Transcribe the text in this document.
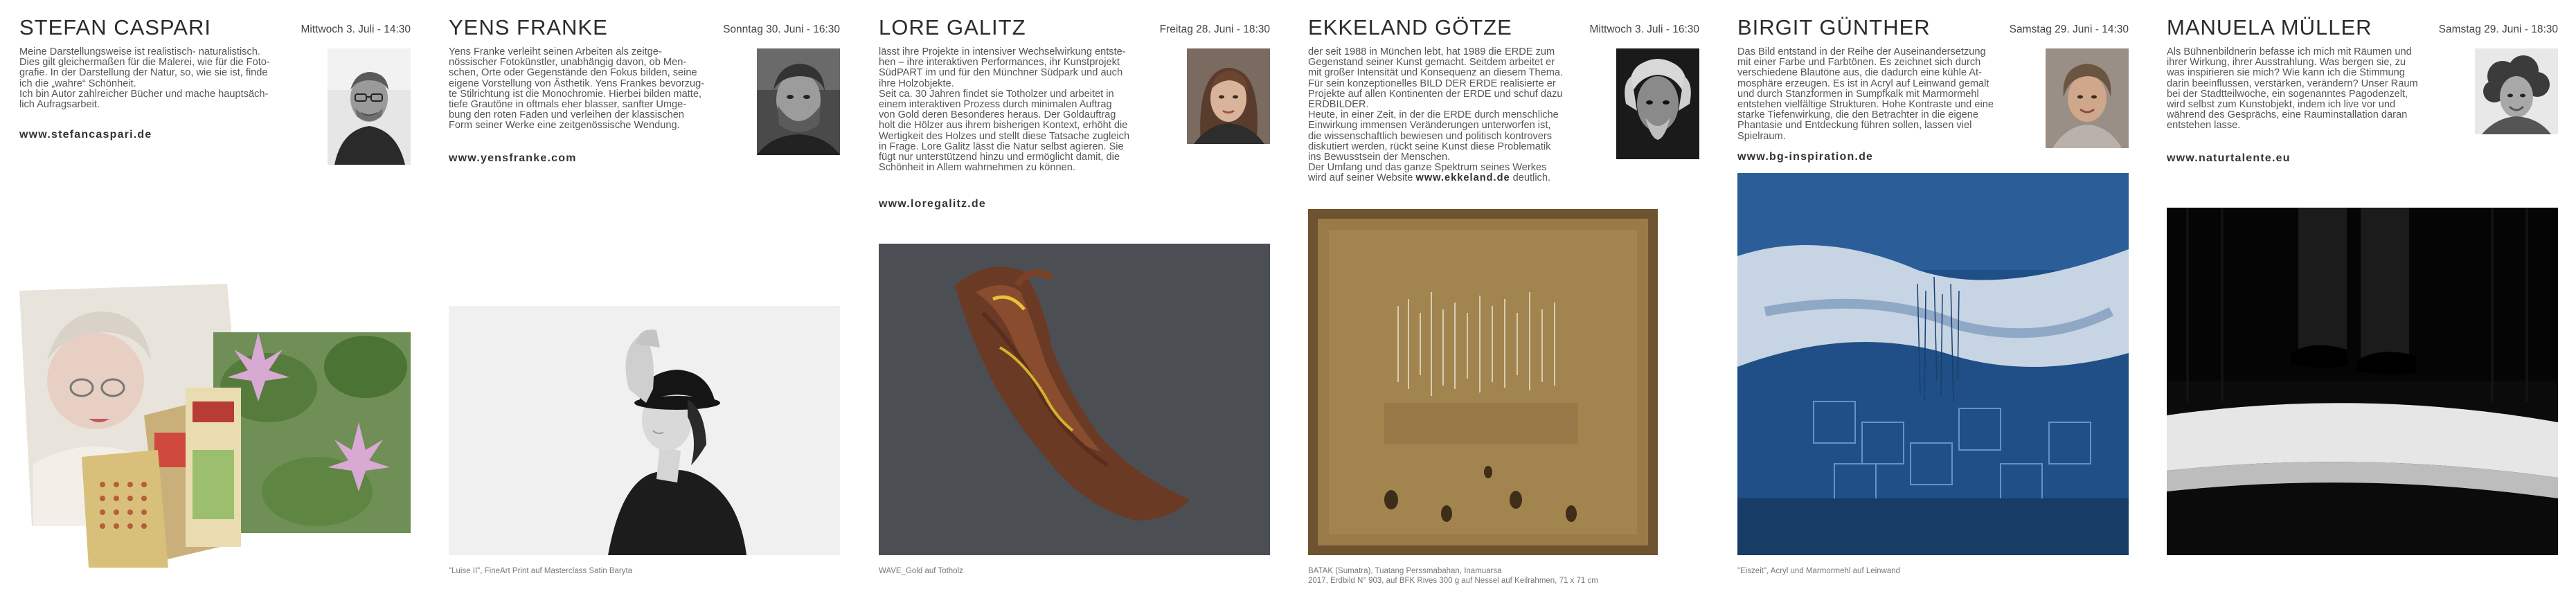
STEFAN CASPARI	Mittwoch 3. Juli - 14:30
Meine Darstellungsweise ist realistisch- naturalistisch.
Dies gilt gleichermaßen für die Malerei, wie für die Foto-
grafie. In der Darstellung der Natur, so, wie sie ist, finde
ich die „wahre“ Schönheit.
Ich bin Autor zahlreicher Bücher und mache hauptsäch-
lich Aufragsarbeit.
www.stefancaspari.de
YENS FRANKE	Sonntag 30. Juni - 16:30
Yens Franke verleiht seinen Arbeiten als zeitge-
nössischer Fotokünstler, unabhängig davon, ob Men-
schen, Orte oder Gegenstände den Fokus bilden, seine
eigene Vorstellung von Ästhetik. Yens Frankes bevorzug-
te Stilrichtung ist die Monochromie. Hierbei bilden matte,
tiefe Grautöne in oftmals eher blasser, sanfter Umge-
bung den roten Faden und verleihen der klassischen
Form seiner Werke eine zeitgenössische Wendung.
www.yensfranke.com
"Luise II", FineArt Print auf Masterclass Satin Baryta
LORE GALITZ	Freitag 28. Juni - 18:30
lässt ihre Projekte in intensiver Wechselwirkung entste-
hen – ihre interaktiven Performances, ihr Kunstprojekt
SüdPART im und für den Münchner Südpark und auch
ihre Holzobjekte.
Seit ca. 30 Jahren findet sie Totholzer und arbeitet in
einem interaktiven Prozess durch minimalen Auftrag
von Gold deren Besonderes heraus. Der Goldauftrag
holt die Hölzer aus ihrem bisherigen Kontext, erhöht die
Wertigkeit des Holzes und stellt diese Tatsache zugleich
in Frage. Lore Galitz lässt die Natur selbst agieren. Sie
fügt nur unterstützend hinzu und ermöglicht damit, die
Schönheit in Allem wahrnehmen zu können.
www.loregalitz.de
WAVE_Gold auf Totholz
EKKELAND GÖTZE	Mittwoch 3. Juli - 16:30
der seit 1988 in München lebt, hat 1989 die ERDE zum
Gegenstand seiner Kunst gemacht. Seitdem arbeitet er
mit großer Intensität und Konsequenz an diesem Thema.
Für sein konzeptionelles BILD DER ERDE realisierte er
Projekte auf allen Kontinenten der ERDE und schuf dazu
ERDBILDER.
Heute, in einer Zeit, in der die ERDE durch menschliche
Einwirkung immensen Veränderungen unterworfen ist,
die wissenschaftlich bewiesen und politisch kontrovers
diskutiert werden, rückt seine Kunst diese Problematik
ins Bewusstsein der Menschen.
Der Umfang und das ganze Spektrum seines Werkes
wird auf seiner Website www.ekkeland.de deutlich.
BATAK (Sumatra), Tuatang Perssmabahan, Inamuarsa
2017, Erdbild N° 903, auf BFK Rives 300 g auf Nessel auf Keilrahmen, 71 x 71 cm
BIRGIT GÜNTHER	Samstag 29. Juni - 14:30
Das Bild entstand in der Reihe der Auseinandersetzung
mit einer Farbe und Farbtönen. Es zeichnet sich durch
verschiedene Blautöne aus, die dadurch eine kühle At-
mosphäre erzeugen. Es ist in Acryl auf Leinwand gemalt
und durch Stanzformen in Sumpfkalk mit Marmormehl
entstehen vielfältige Strukturen. Hohe Kontraste und eine
starke Tiefenwirkung, die den Betrachter in die eigene
Phantasie und Entdeckung führen sollen, lassen viel
Spielraum.
www.bg-inspiration.de
"Eiszeit", Acryl und Marmormehl auf Leinwand
MANUELA MÜLLER	Samstag 29. Juni - 18:30
Als Bühnenbildnerin befasse ich mich mit Räumen und
ihrer Wirkung, ihrer Ausstrahlung. Was bergen sie, zu
was inspirieren sie mich? Wie kann ich die Stimmung
darin beeinflussen, verstärken, verändern? Unser Raum
bei der Stadtteilwoche, ein sogenanntes Pagodenzelt,
wird selbst zum Kunstobjekt, indem ich live vor und
während des Gesprächs, eine Rauminstallation daran
entstehen lasse.
www.naturtalente.eu
